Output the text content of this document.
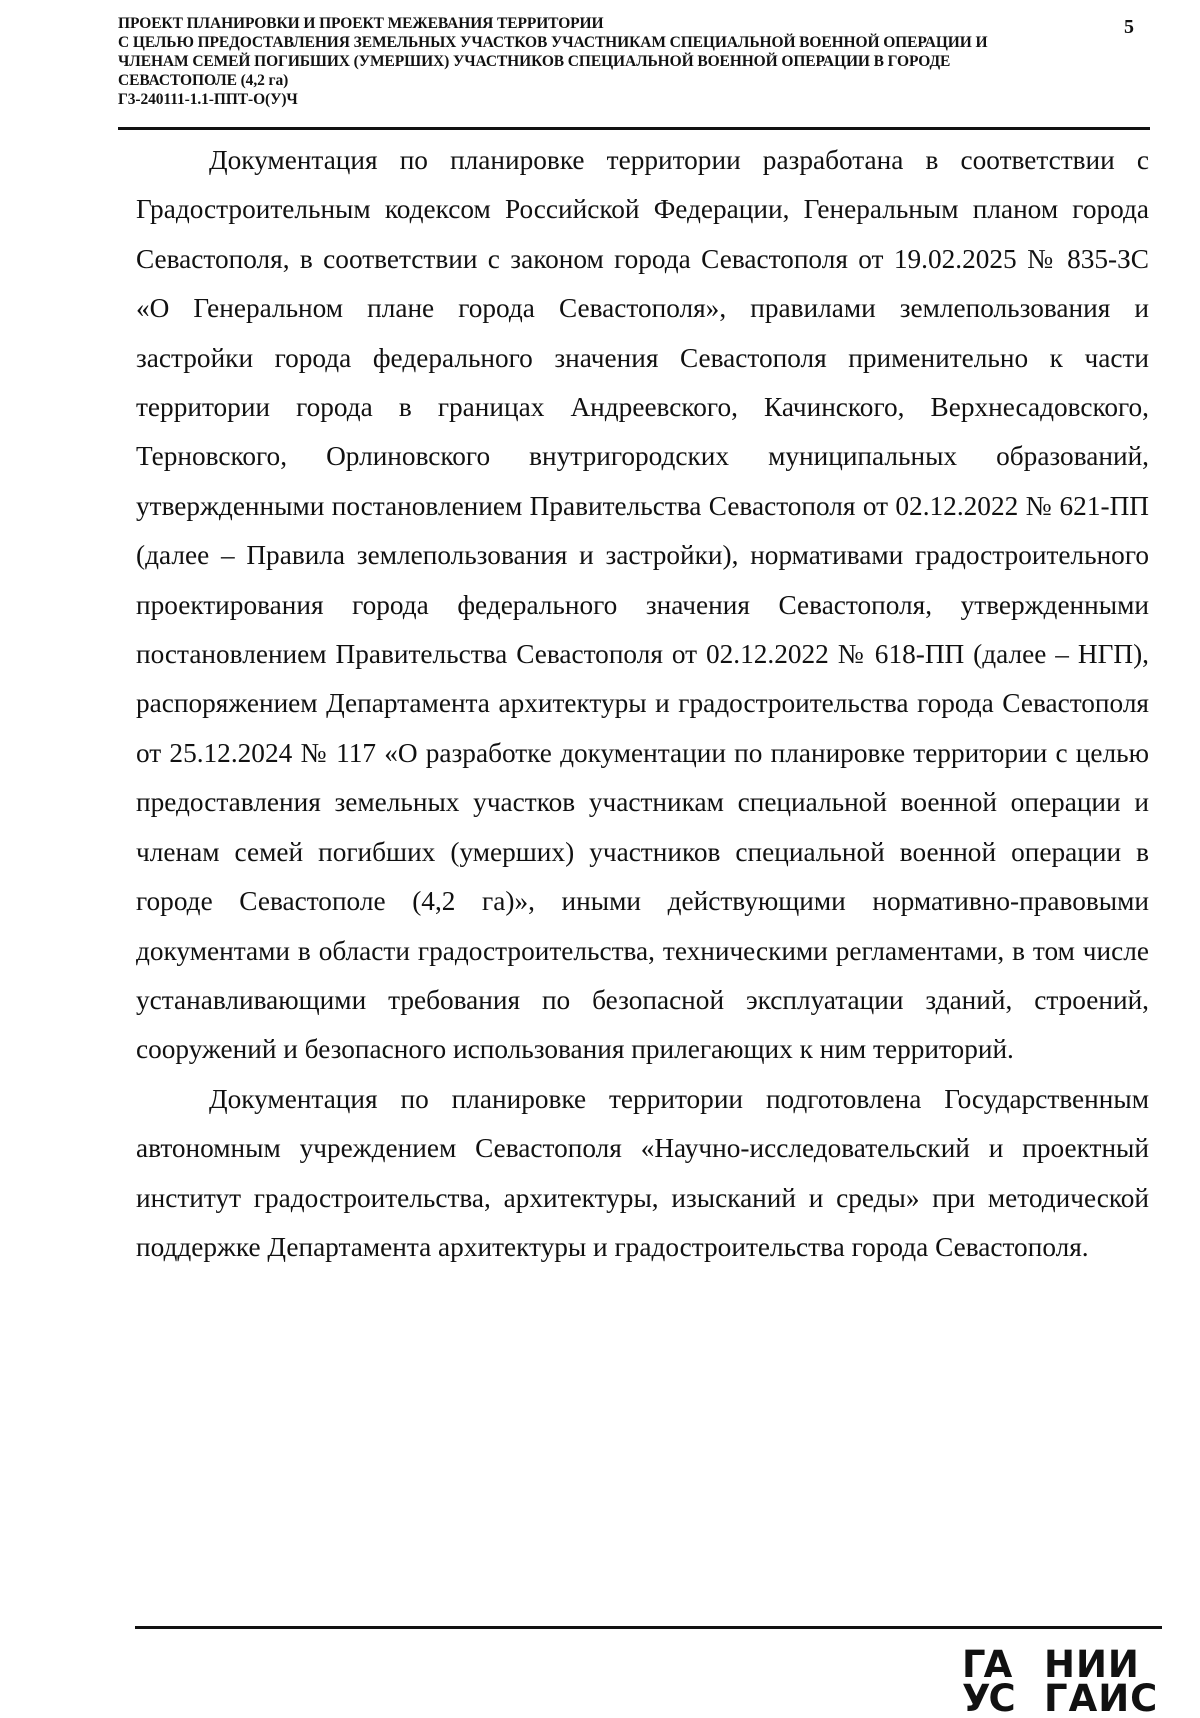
ПРОЕКТ ПЛАНИРОВКИ И ПРОЕКТ МЕЖЕВАНИЯ ТЕРРИТОРИИ
С ЦЕЛЬЮ ПРЕДОСТАВЛЕНИЯ ЗЕМЕЛЬНЫХ УЧАСТКОВ УЧАСТНИКАМ СПЕЦИАЛЬНОЙ ВОЕННОЙ ОПЕРАЦИИ И
ЧЛЕНАМ СЕМЕЙ ПОГИБШИХ (УМЕРШИХ) УЧАСТНИКОВ СПЕЦИАЛЬНОЙ ВОЕННОЙ ОПЕРАЦИИ В ГОРОДЕ
СЕВАСТОПОЛЕ (4,2 га)
Г3-240111-1.1-ППТ-О(У)Ч
5

Документация по планировке территории разработана в соответствии с Градостроительным кодексом Российской Федерации, Генеральным планом города Севастополя, в соответствии с законом города Севастополя от 19.02.2025 № 835-ЗС «О Генеральном плане города Севастополя», правилами землепользования и застройки города федерального значения Севастополя применительно к части территории города в границах Андреевского, Качинского, Верхнесадовского, Терновского, Орлиновского внутригородских муниципальных образований, утвержденными постановлением Правительства Севастополя от 02.12.2022 № 621-ПП (далее – Правила землепользования и застройки), нормативами градостроительного проектирования города федерального значения Севастополя, утвержденными постановлением Правительства Севастополя от 02.12.2022 № 618-ПП (далее – НГП), распоряжением Департамента архитектуры и градостроительства города Севастополя от 25.12.2024 № 117 «О разработке документации по планировке территории с целью предоставления земельных участков участникам специальной военной операции и членам семей погибших (умерших) участников специальной военной операции в городе Севастополе (4,2 га)», иными действующими нормативно-правовыми документами в области градостроительства, техническими регламентами, в том числе устанавливающими требования по безопасной эксплуатации зданий, строений, сооружений и безопасного использования прилегающих к ним территорий.

Документация по планировке территории подготовлена Государственным автономным учреждением Севастополя «Научно-исследовательский и проектный институт градостроительства, архитектуры, изысканий и среды» при методической поддержке Департамента архитектуры и градостроительства города Севастополя.

ГА
УС
НИИ
ГАИС
